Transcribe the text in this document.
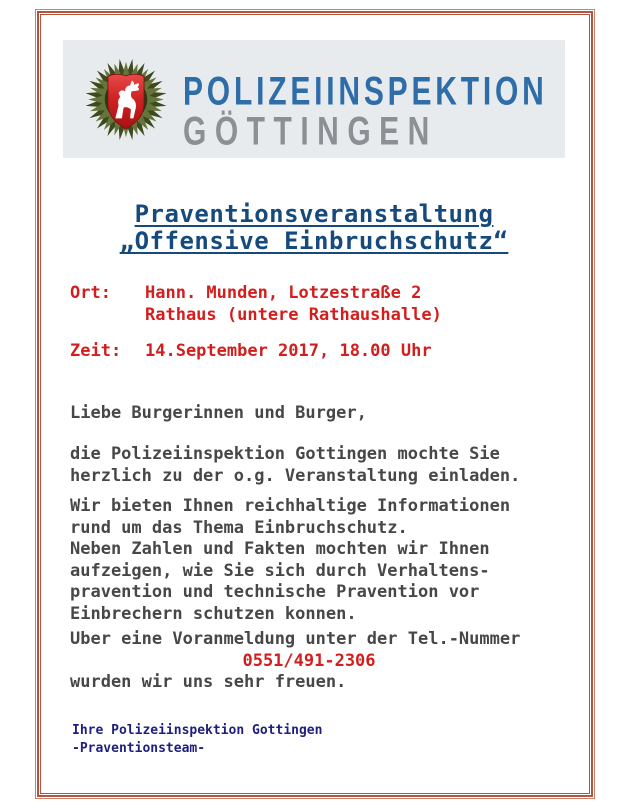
POLIZEIINSPEKTION
GÖTTINGEN
Praventionsveranstaltung
„Offensive Einbruchschutz“
Ort: Hann. Munden, Lotzestraße 2
Rathaus (untere Rathaushalle)
Zeit: 14.September 2017, 18.00 Uhr
Liebe Burgerinnen und Burger,
die Polizeiinspektion Gottingen mochte Sie
herzlich zu der o.g. Veranstaltung einladen.
Wir bieten Ihnen reichhaltige Informationen
rund um das Thema Einbruchschutz.
Neben Zahlen und Fakten mochten wir Ihnen
aufzeigen, wie Sie sich durch Verhaltens-
pravention und technische Pravention vor
Einbrechern schutzen konnen.
Uber eine Voranmeldung unter der Tel.-Nummer
0551/491-2306
wurden wir uns sehr freuen.
Ihre Polizeiinspektion Gottingen
-Praventionsteam-
